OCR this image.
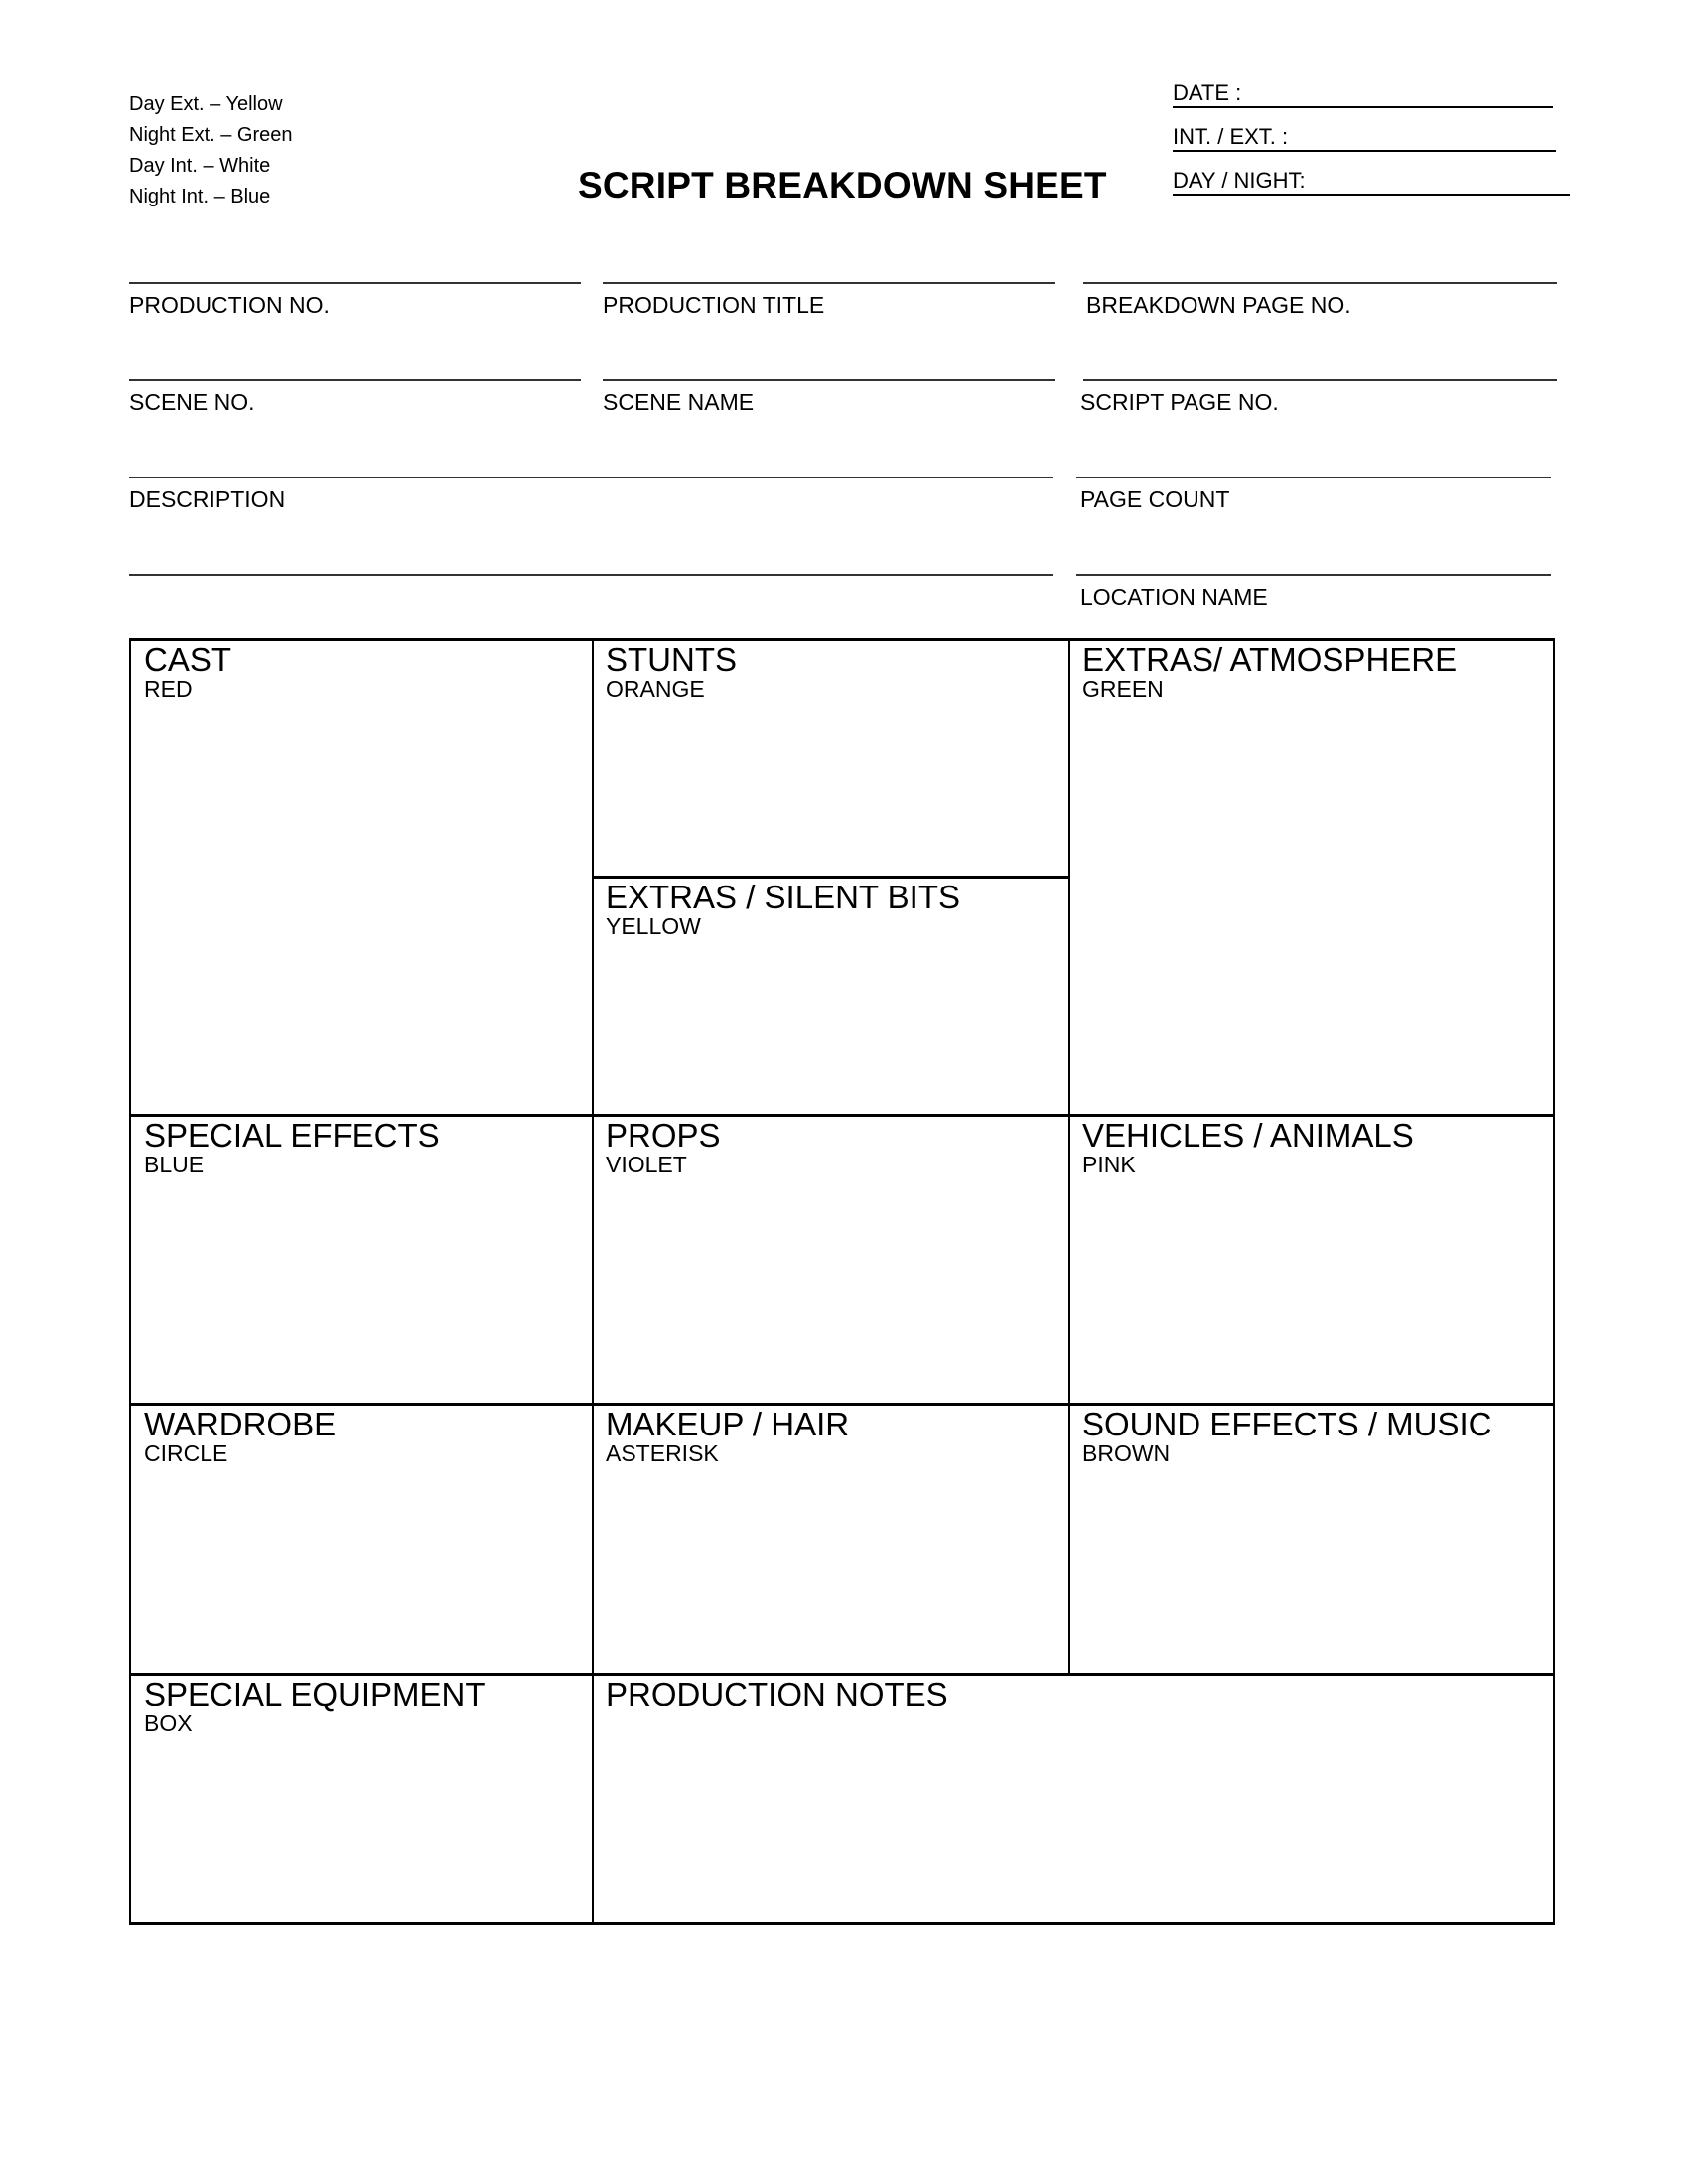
Day Ext. – Yellow
Night Ext. – Green
Day Int. – White
Night Int. – Blue	SCRIPT BREAKDOWN SHEET
DATE :
INT. / EXT. :
DAY / NIGHT:
PRODUCTION NO.	PRODUCTION TITLE	BREAKDOWN PAGE NO.
SCENE NO.	SCENE NAME	SCRIPT PAGE NO.
DESCRIPTION	PAGE COUNT
LOCATION NAME
CAST
RED
STUNTS
ORANGE
EXTRAS/ ATMOSPHERE
GREEN
EXTRAS / SILENT BITS
YELLOW
SPECIAL EFFECTS
BLUE
PROPS
VIOLET
VEHICLES / ANIMALS
PINK
WARDROBE
CIRCLE
MAKEUP / HAIR
ASTERISK
SOUND EFFECTS / MUSIC
BROWN
SPECIAL EQUIPMENT
BOX
PRODUCTION NOTES
